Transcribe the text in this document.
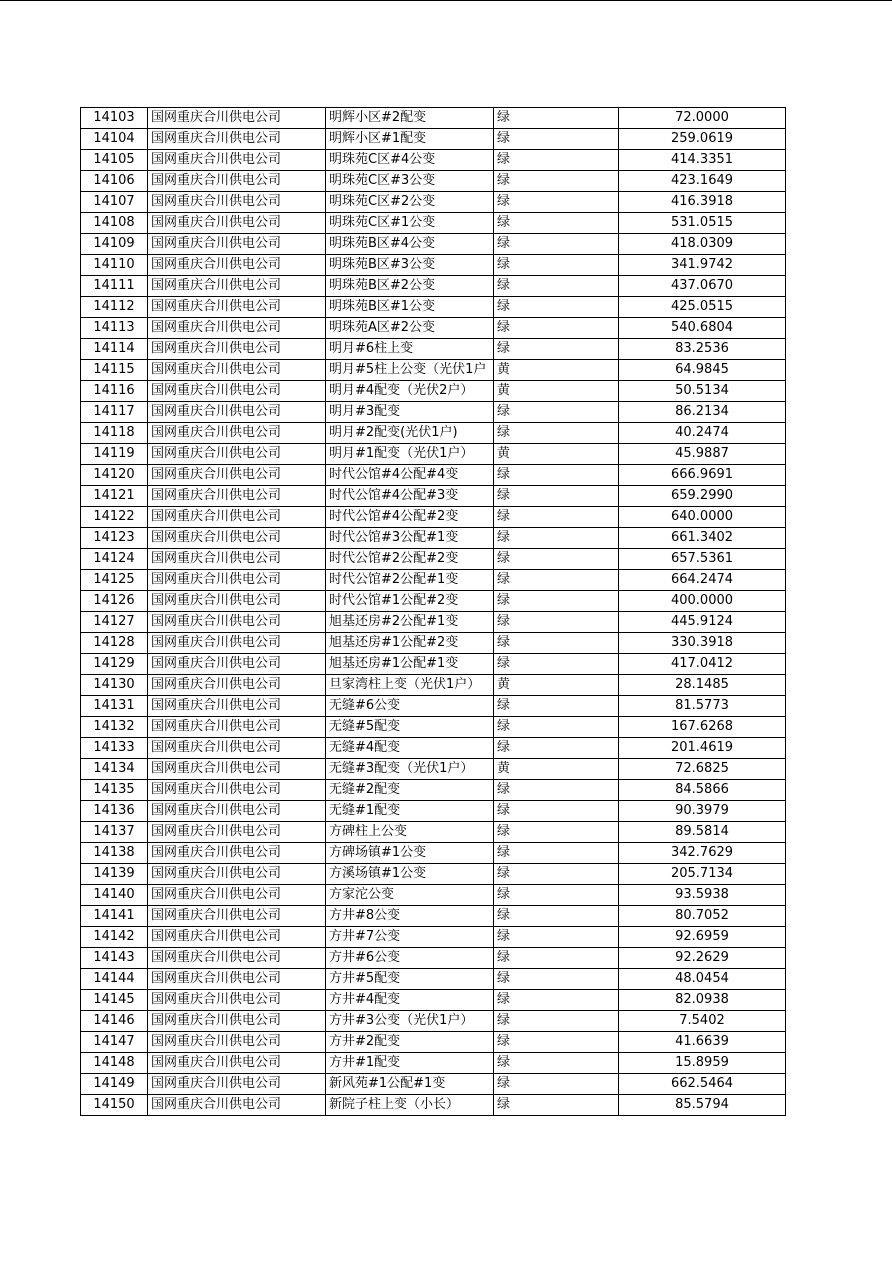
14103	国网重庆合川供电公司	明辉小区#2配变	绿	72.0000
14104	国网重庆合川供电公司	明辉小区#1配变	绿	259.0619
14105	国网重庆合川供电公司	明珠苑C区#4公变	绿	414.3351
14106	国网重庆合川供电公司	明珠苑C区#3公变	绿	423.1649
14107	国网重庆合川供电公司	明珠苑C区#2公变	绿	416.3918
14108	国网重庆合川供电公司	明珠苑C区#1公变	绿	531.0515
14109	国网重庆合川供电公司	明珠苑B区#4公变	绿	418.0309
14110	国网重庆合川供电公司	明珠苑B区#3公变	绿	341.9742
14111	国网重庆合川供电公司	明珠苑B区#2公变	绿	437.0670
14112	国网重庆合川供电公司	明珠苑B区#1公变	绿	425.0515
14113	国网重庆合川供电公司	明珠苑A区#2公变	绿	540.6804
14114	国网重庆合川供电公司	明月#6柱上变	绿	83.2536
14115	国网重庆合川供电公司	明月#5柱上公变（光伏1户	黄	64.9845
14116	国网重庆合川供电公司	明月#4配变（光伏2户）	黄	50.5134
14117	国网重庆合川供电公司	明月#3配变	绿	86.2134
14118	国网重庆合川供电公司	明月#2配变(光伏1户)	绿	40.2474
14119	国网重庆合川供电公司	明月#1配变（光伏1户）	黄	45.9887
14120	国网重庆合川供电公司	时代公馆#4公配#4变	绿	666.9691
14121	国网重庆合川供电公司	时代公馆#4公配#3变	绿	659.2990
14122	国网重庆合川供电公司	时代公馆#4公配#2变	绿	640.0000
14123	国网重庆合川供电公司	时代公馆#3公配#1变	绿	661.3402
14124	国网重庆合川供电公司	时代公馆#2公配#2变	绿	657.5361
14125	国网重庆合川供电公司	时代公馆#2公配#1变	绿	664.2474
14126	国网重庆合川供电公司	时代公馆#1公配#2变	绿	400.0000
14127	国网重庆合川供电公司	旭基还房#2公配#1变	绿	445.9124
14128	国网重庆合川供电公司	旭基还房#1公配#2变	绿	330.3918
14129	国网重庆合川供电公司	旭基还房#1公配#1变	绿	417.0412
14130	国网重庆合川供电公司	旦家湾柱上变（光伏1户）	黄	28.1485
14131	国网重庆合川供电公司	无缝#6公变	绿	81.5773
14132	国网重庆合川供电公司	无缝#5配变	绿	167.6268
14133	国网重庆合川供电公司	无缝#4配变	绿	201.4619
14134	国网重庆合川供电公司	无缝#3配变（光伏1户）	黄	72.6825
14135	国网重庆合川供电公司	无缝#2配变	绿	84.5866
14136	国网重庆合川供电公司	无缝#1配变	绿	90.3979
14137	国网重庆合川供电公司	方碑柱上公变	绿	89.5814
14138	国网重庆合川供电公司	方碑场镇#1公变	绿	342.7629
14139	国网重庆合川供电公司	方溪场镇#1公变	绿	205.7134
14140	国网重庆合川供电公司	方家沱公变	绿	93.5938
14141	国网重庆合川供电公司	方井#8公变	绿	80.7052
14142	国网重庆合川供电公司	方井#7公变	绿	92.6959
14143	国网重庆合川供电公司	方井#6公变	绿	92.2629
14144	国网重庆合川供电公司	方井#5配变	绿	48.0454
14145	国网重庆合川供电公司	方井#4配变	绿	82.0938
14146	国网重庆合川供电公司	方井#3公变（光伏1户）	绿	7.5402
14147	国网重庆合川供电公司	方井#2配变	绿	41.6639
14148	国网重庆合川供电公司	方井#1配变	绿	15.8959
14149	国网重庆合川供电公司	新风苑#1公配#1变	绿	662.5464
14150	国网重庆合川供电公司	新院子柱上变（小长）	绿	85.5794
